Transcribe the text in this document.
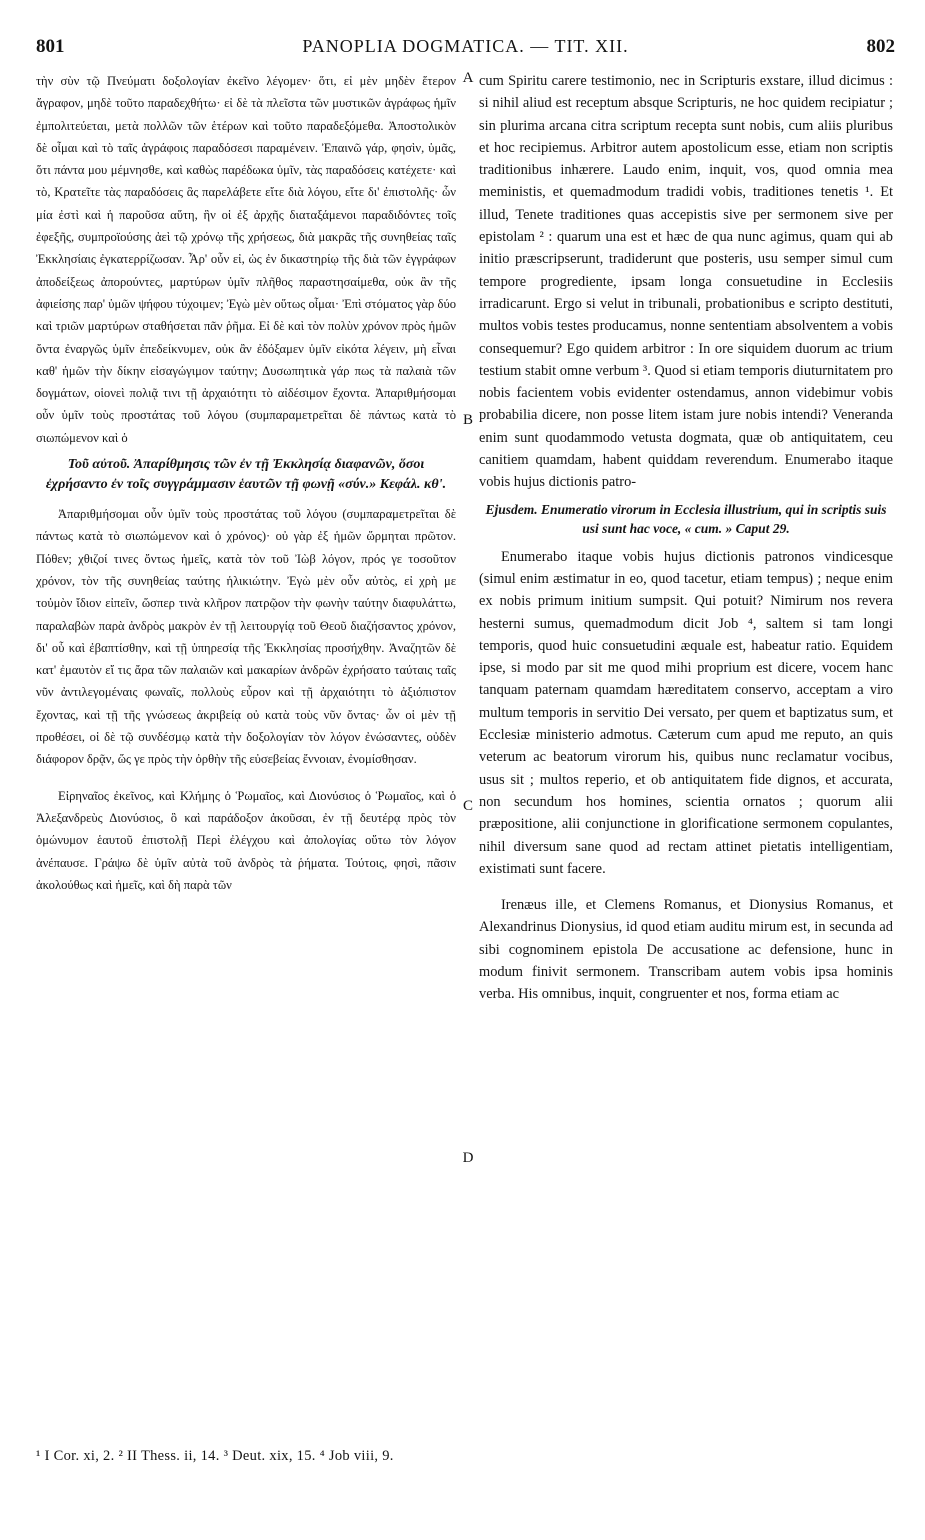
801	PANOPLIA DOGMATICA. — TIT. XII.	802

τὴν σὺν τῷ Πνεύματι δοξολογίαν ἐκεῖνο λέγομεν· ὅτι, εἰ μὲν μηδὲν ἕτερον ἄγραφον, μηδὲ τοῦτο παραδεχθήτω· εἰ δὲ τὰ πλεῖστα τῶν μυστικῶν ἀγράφως ἡμῖν ἐμπολιτεύεται, μετὰ πολλῶν τῶν ἑτέρων καὶ τοῦτο παραδεξόμεθα. Ἀποστολικὸν δὲ οἶμαι καὶ τὸ ταῖς ἀγράφοις παραδόσεσι παραμένειν. Ἐπαινῶ γάρ, φησὶν, ὑμᾶς, ὅτι πάντα μου μέμνησθε, καὶ καθὼς παρέδωκα ὑμῖν, τὰς παραδόσεις κατέχετε· καὶ τὸ, Κρατεῖτε τὰς παραδόσεις ἃς παρελάβετε εἴτε διὰ λόγου, εἴτε δι' ἐπιστολῆς· ὧν μία ἐστὶ καὶ ἡ παροῦσα αὕτη, ἣν οἱ ἐξ ἀρχῆς διαταξάμενοι παραδιδόντες τοῖς ἐφεξῆς, συμπροϊούσης ἀεὶ τῷ χρόνῳ τῆς χρήσεως, διὰ μακρᾶς τῆς συνηθείας ταῖς Ἐκκλησίαις ἐγκατερρίζωσαν. Ἆρ' οὖν εἰ, ὡς ἐν δικαστηρίῳ τῆς διὰ τῶν ἐγγράφων ἀποδείξεως ἀπορούντες, μαρτύρων ὑμῖν πλῆθος παραστησαίμεθα, οὐκ ἂν τῆς ἀφιείσης παρ' ὑμῶν ψήφου τύχοιμεν; Ἐγὼ μὲν οὕτως οἶμαι· Ἐπὶ στόματος γὰρ δύο καὶ τριῶν μαρτύρων σταθήσεται πᾶν ῥῆμα. Εἰ δὲ καὶ τὸν πολὺν χρόνον πρὸς ἡμῶν ὄντα ἐναργῶς ὑμῖν ἐπεδείκνυμεν, οὐκ ἂν ἐδόξαμεν ὑμῖν εἰκότα λέγειν, μὴ εἶναι καθ' ἡμῶν τὴν δίκην εἰσαγώγιμον ταύτην; Δυσωπητικὰ γάρ πως τὰ παλαιὰ τῶν δογμάτων, οἱονεὶ πολιᾷ τινι τῇ ἀρχαιότητι τὸ αἰδέσιμον ἔχοντα. Ἀπαριθμήσομαι οὖν ὑμῖν τοὺς προστάτας τοῦ λόγου (συμπαραμετρεῖται δὲ πάντως κατὰ τὸ σιωπώμενον καὶ ὁ

Τοῦ αὐτοῦ. Ἀπαρίθμησις τῶν ἐν τῇ Ἐκκλησίᾳ διαφανῶν, ὅσοι ἐχρήσαντο ἐν τοῖς συγγράμμασιν ἑαυτῶν τῇ φωνῇ «σύν.» Κεφάλ. κθ'.

Ἀπαριθμήσομαι οὖν ὑμῖν τοὺς προστάτας τοῦ λόγου (συμπαραμετρεῖται δὲ πάντως κατὰ τὸ σιωπώμενον καὶ ὁ χρόνος)· οὐ γὰρ ἐξ ἡμῶν ὥρμηται πρῶτον. Πόθεν; χθιζοί τινες ὄντως ἡμεῖς, κατὰ τὸν τοῦ Ἰὼβ λόγον, πρός γε τοσοῦτον χρόνον, τὸν τῆς συνηθείας ταύτης ἡλικιώτην. Ἐγὼ μὲν οὖν αὐτὸς, εἰ χρὴ με τοὐμὸν ἴδιον εἰπεῖν, ὥσπερ τινὰ κλῆρον πατρῷον τὴν φωνὴν ταύτην διαφυλάττω, παραλαβὼν παρὰ ἀνδρὸς μακρὸν ἐν τῇ λειτουργίᾳ τοῦ Θεοῦ διαζήσαντος χρόνον, δι' οὗ καὶ ἐβαπτίσθην, καὶ τῇ ὑπηρεσίᾳ τῆς Ἐκκλησίας προσήχθην. Ἀναζητῶν δὲ κατ' ἐμαυτὸν εἴ τις ἄρα τῶν παλαιῶν καὶ μακαρίων ἀνδρῶν ἐχρήσατο ταύταις ταῖς νῦν ἀντιλεγομέναις φωναῖς, πολλοὺς εὗρον καὶ τῇ ἀρχαιότητι τὸ ἀξιόπιστον ἔχοντας, καὶ τῇ τῆς γνώσεως ἀκριβείᾳ οὐ κατὰ τοὺς νῦν ὄντας· ὧν οἱ μὲν τῇ προθέσει, οἱ δὲ τῷ συνδέσμῳ κατὰ τὴν δοξολογίαν τὸν λόγον ἐνώσαντες, οὐδὲν διάφορον δρᾷν, ὥς γε πρὸς τὴν ὀρθὴν τῆς εὐσεβείας ἔννοιαν, ἐνομίσθησαν.

Εἰρηναῖος ἐκεῖνος, καὶ Κλήμης ὁ Ῥωμαῖος, καὶ Διονύσιος ὁ Ῥωμαῖος, καὶ ὁ Ἀλεξανδρεὺς Διονύσιος, ὃ καὶ παράδοξον ἀκοῦσαι, ἐν τῇ δευτέρᾳ πρὸς τὸν ὁμώνυμον ἑαυτοῦ ἐπιστολῇ Περὶ ἐλέγχου καὶ ἀπολογίας οὕτω τὸν λόγον ἀνέπαυσε. Γράψω δὲ ὑμῖν αὐτὰ τοῦ ἀνδρὸς τὰ ῥήματα. Τούτοις, φησὶ, πᾶσιν ἀκολούθως καὶ ἡμεῖς, καὶ δὴ παρὰ τῶν

A
B
C
D

cum Spiritu carere testimonio, nec in Scripturis exstare, illud dicimus : si nihil aliud est receptum absque Scripturis, ne hoc quidem recipiatur ; sin plurima arcana citra scriptum recepta sunt nobis, cum aliis pluribus et hoc recipiemus. Arbitror autem apostolicum esse, etiam non scriptis traditionibus inhærere. Laudo enim, inquit, vos, quod omnia mea meministis, et quemadmodum tradidi vobis, traditiones tenetis ¹. Et illud, Tenete traditiones quas accepistis sive per sermonem sive per epistolam ² : quarum una est et hæc de qua nunc agimus, quam qui ab initio præscripserunt, tradiderunt que posteris, usu semper simul cum tempore progrediente, ipsam longa consuetudine in Ecclesiis irradicarunt. Ergo si velut in tribunali, probationibus e scripto destituti, multos vobis testes producamus, nonne sententiam absolventem a vobis consequemur? Ego quidem arbitror : In ore siquidem duorum ac trium testium stabit omne verbum ³. Quod si etiam temporis diuturnitatem pro nobis facientem vobis evidenter ostendamus, annon videbimur vobis probabilia dicere, non posse litem istam jure nobis intendi? Veneranda enim sunt quodammodo vetusta dogmata, quæ ob antiquitatem, ceu canitiem quamdam, habent quiddam reverendum. Enumerabo itaque vobis hujus dictionis patro-

Ejusdem. Enumeratio virorum in Ecclesia illustrium, qui in scriptis suis usi sunt hac voce, « cum. » Caput 29.

Enumerabo itaque vobis hujus dictionis patronos vindicesque (simul enim æstimatur in eo, quod tacetur, etiam tempus) ; neque enim ex nobis primum initium sumpsit. Qui potuit? Nimirum nos revera hesterni sumus, quemadmodum dicit Job ⁴, saltem si tam longi temporis, quod huic consuetudini æquale est, habeatur ratio. Equidem ipse, si modo par sit me quod mihi proprium est dicere, vocem hanc tanquam paternam quamdam hæreditatem conservo, acceptam a viro multum temporis in servitio Dei versato, per quem et baptizatus sum, et Ecclesiæ ministerio admotus. Cæterum cum apud me reputo, an quis veterum ac beatorum virorum his, quibus nunc reclamatur vocibus, usus sit ; multos reperio, et ob antiquitatem fide dignos, et accurata, non secundum hos homines, scientia ornatos ; quorum alii præpositione, alii conjunctione in glorificatione sermonem copulantes, nihil diversum sane quod ad rectam attinet pietatis intelligentiam, existimati sunt facere.

Irenæus ille, et Clemens Romanus, et Dionysius Romanus, et Alexandrinus Dionysius, id quod etiam auditu mirum est, in secunda ad sibi cognominem epistola De accusatione ac defensione, hunc in modum finivit sermonem. Transcribam autem vobis ipsa hominis verba. His omnibus, inquit, congruenter et nos, forma etiam ac

¹ I Cor. xi, 2. ² II Thess. ii, 14. ³ Deut. xix, 15. ⁴ Job viii, 9.
